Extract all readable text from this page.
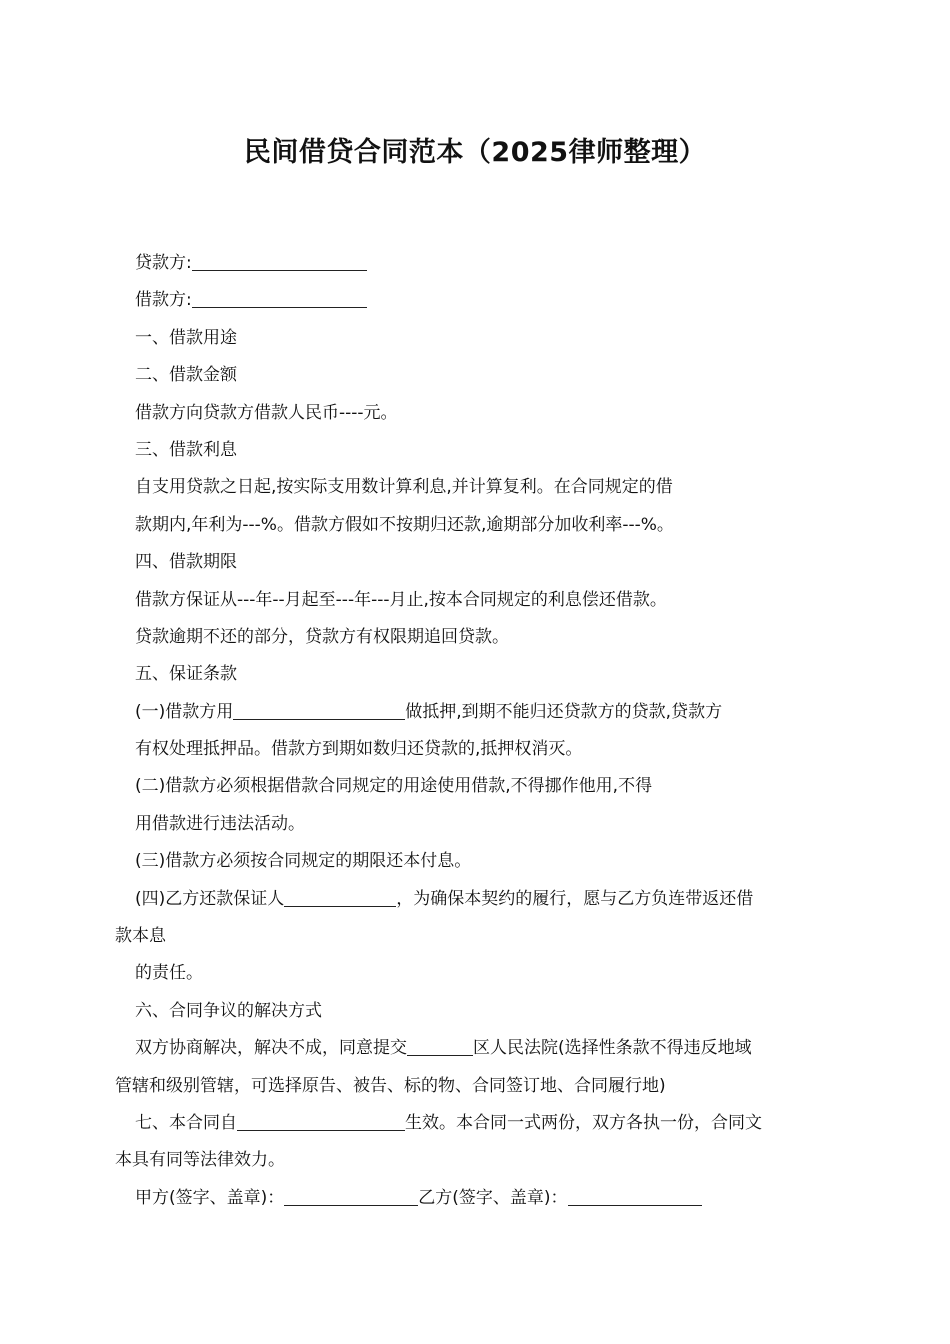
民间借贷合同范本（2025律师整理）
贷款方:
借款方:
一、借款用途
二、借款金额
借款方向贷款方借款人民币----元。
三、借款利息
自支用贷款之日起,按实际支用数计算利息,并计算复利。在合同规定的借
款期内,年利为---%。借款方假如不按期归还款,逾期部分加收利率---%。
四、借款期限
借款方保证从---年--月起至---年---月止,按本合同规定的利息偿还借款。
贷款逾期不还的部分，贷款方有权限期追回贷款。
五、保证条款
(一)借款方用	做抵押,到期不能归还贷款方的贷款,贷款方
有权处理抵押品。借款方到期如数归还贷款的,抵押权消灭。
(二)借款方必须根据借款合同规定的用途使用借款,不得挪作他用,不得
用借款进行违法活动。
(三)借款方必须按合同规定的期限还本付息。
(四)乙方还款保证人	，为确保本契约的履行，愿与乙方负连带返还借
款本息
的责任。
六、合同争议的解决方式
双方协商解决，解决不成，同意提交	区人民法院(选择性条款不得违反地域
管辖和级别管辖，可选择原告、被告、标的物、合同签订地、合同履行地)
七、本合同自	生效。本合同一式两份，双方各执一份，合同文
本具有同等法律效力。
甲方(签字、盖章)：	乙方(签字、盖章)：
